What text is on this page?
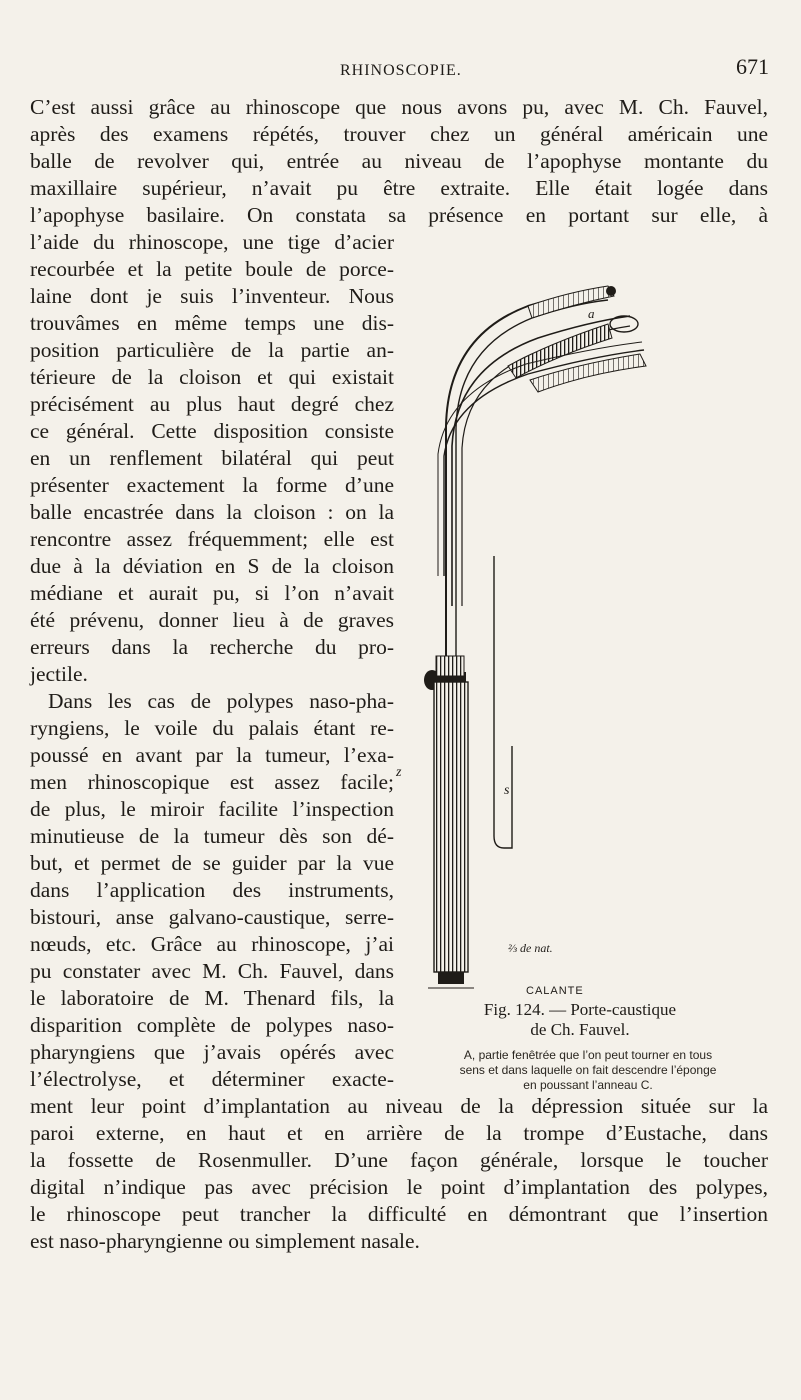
RHINOSCOPIE.	671
C’est aussi grâce au rhinoscope que nous avons pu, avec M. Ch. Fauvel,
après des examens répétés, trouver chez un général américain une
balle de revolver qui, entrée au niveau de l’apophyse montante du
maxillaire supérieur, n’avait pu être extraite. Elle était logée dans
l’apophyse basilaire. On constata sa présence en portant sur elle, à
l’aide du rhinoscope, une tige d’acier
recourbée et la petite boule de porce-
laine dont je suis l’inventeur. Nous
trouvâmes en même temps une dis-
position particulière de la partie an-
térieure de la cloison et qui existait
précisément au plus haut degré chez
ce général. Cette disposition consiste
en un renflement bilatéral qui peut
présenter exactement la forme d’une
balle encastrée dans la cloison : on la
rencontre assez fréquemment; elle est
due à la déviation en S de la cloison
médiane et aurait pu, si l’on n’avait
été prévenu, donner lieu à de graves
erreurs dans la recherche du pro-
jectile.
Dans les cas de polypes naso-pha-
ryngiens, le voile du palais étant re-
poussé en avant par la tumeur, l’exa-
men rhinoscopique est assez facile;
de plus, le miroir facilite l’inspection
minutieuse de la tumeur dès son dé-
but, et permet de se guider par la vue
dans l’application des instruments,
bistouri, anse galvano-caustique, serre-
nœuds, etc. Grâce au rhinoscope, j’ai
pu constater avec M. Ch. Fauvel, dans
le laboratoire de M. Thenard fils, la
disparition complète de polypes naso-
pharyngiens que j’avais opérés avec
l’électrolyse, et déterminer exacte-
ment leur point d’implantation au niveau de la dépression située sur la
paroi externe, en haut et en arrière de la trompe d’Eustache, dans
la fossette de Rosenmuller. D’une façon générale, lorsque le toucher
digital n’indique pas avec précision le point d’implantation des polypes,
le rhinoscope peut trancher la difficulté en démontrant que l’insertion
est naso-pharyngienne ou simplement nasale.
a
z
s
⅔ de nat.
CALANTE
Fig. 124. — Porte-caustique
de Ch. Fauvel.
A, partie fenêtrée que l’on peut tourner en tous
sens et dans laquelle on fait descendre l’éponge
en poussant l’anneau C.
